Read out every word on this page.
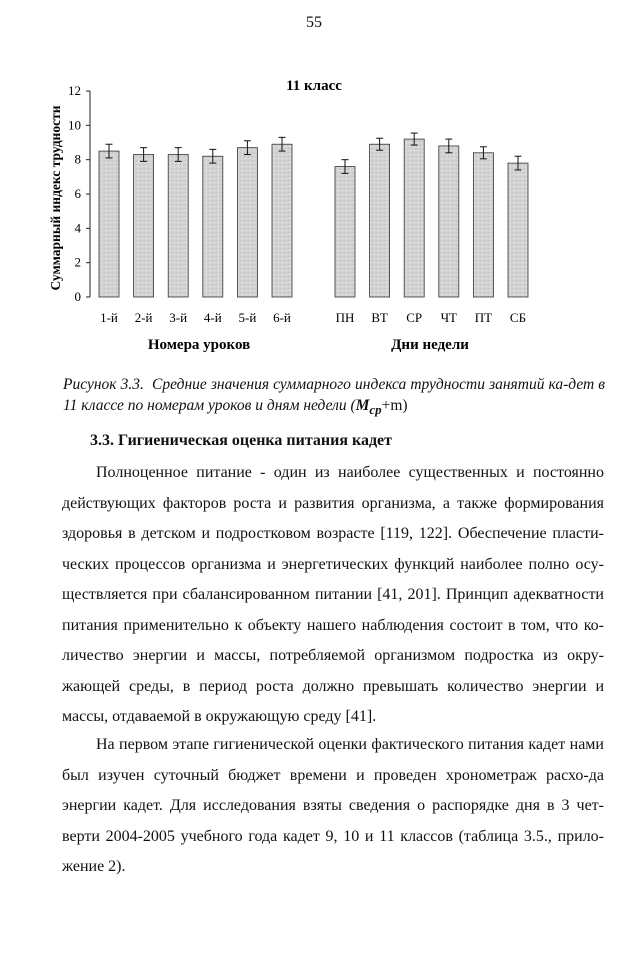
55
11 класс
Суммарный индекс трудности
0
2
4
6
8
10
12
1-й 2-й 3-й 4-й 5-й 6-й	ПН ВТ СР ЧТ ПТ СБ
Номера уроков	Дни недели
Рисунок 3.3. Средние значения суммарного индекса трудности занятий ка-дет в 11 классе по номерам уроков и дням недели $(M_{ср}+m)$
3.3. Гигиеническая оценка питания кадет

Полноценное питание - один из наиболее существенных и постоянно действующих факторов роста и развития организма, а также формирования здоровья в детском и подростковом возрасте [119, 122]. Обеспечение пласти-ческих процессов организма и энергетических функций наиболее полно осу-ществляется при сбалансированном питании [41, 201]. Принцип адекватности питания применительно к объекту нашего наблюдения состоит в том, что ко-личество энергии и массы, потребляемой организмом подростка из окру-жающей среды, в период роста должно превышать количество энергии и массы, отдаваемой в окружающую среду [41].

На первом этапе гигиенической оценки фактического питания кадет нами был изучен суточный бюджет времени и проведен хронометраж расхо-да энергии кадет. Для исследования взяты сведения о распорядке дня в 3 чет-верти 2004-2005 учебного года кадет 9, 10 и 11 классов (таблица 3.5., прило-жение 2).
